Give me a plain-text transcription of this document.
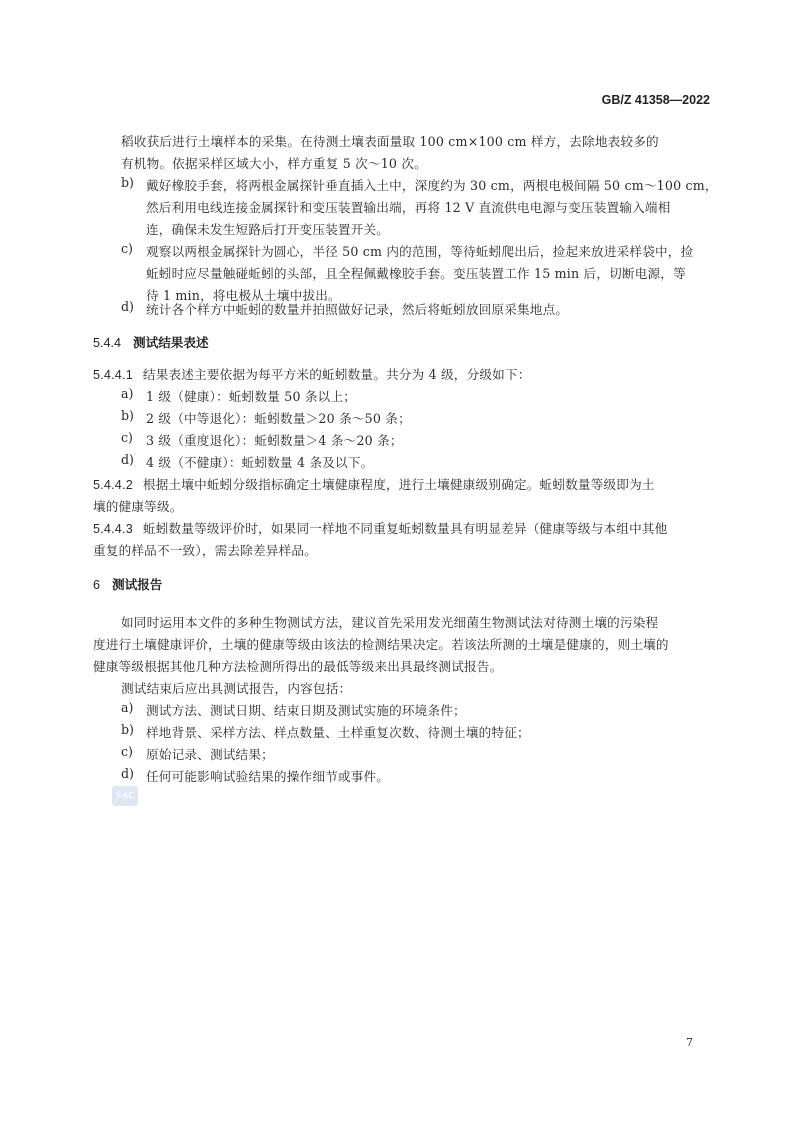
GB/Z 41358—2022
稻收获后进行土壤样本的采集。在待测土壤表面量取 100 cm×100 cm 样方，去除地表较多的
有机物。依据采样区域大小，样方重复 5 次～10 次。
b) 戴好橡胶手套，将两根金属探针垂直插入土中，深度约为 30 cm，两根电极间隔 50 cm～100 cm，
然后利用电线连接金属探针和变压装置输出端，再将 12 V 直流供电电源与变压装置输入端相
连，确保未发生短路后打开变压装置开关。
c) 观察以两根金属探针为圆心，半径 50 cm 内的范围，等待蚯蚓爬出后，捡起来放进采样袋中，捡
蚯蚓时应尽量触碰蚯蚓的头部，且全程佩戴橡胶手套。变压装置工作 15 min 后，切断电源，等
待 1 min，将电极从土壤中拔出。
d) 统计各个样方中蚯蚓的数量并拍照做好记录，然后将蚯蚓放回原采集地点。
5.4.4 测试结果表述
5.4.4.1 结果表述主要依据为每平方米的蚯蚓数量。共分为 4 级，分级如下：
a) 1 级（健康）：蚯蚓数量 50 条以上；
b) 2 级（中等退化）：蚯蚓数量＞20 条～50 条；
c) 3 级（重度退化）：蚯蚓数量＞4 条～20 条；
d) 4 级（不健康）：蚯蚓数量 4 条及以下。
5.4.4.2 根据土壤中蚯蚓分级指标确定土壤健康程度，进行土壤健康级别确定。蚯蚓数量等级即为土
壤的健康等级。
5.4.4.3 蚯蚓数量等级评价时，如果同一样地不同重复蚯蚓数量具有明显差异（健康等级与本组中其他
重复的样品不一致），需去除差异样品。
6 测试报告
如同时运用本文件的多种生物测试方法，建议首先采用发光细菌生物测试法对待测土壤的污染程
度进行土壤健康评价，土壤的健康等级由该法的检测结果决定。若该法所测的土壤是健康的，则土壤的
健康等级根据其他几种方法检测所得出的最低等级来出具最终测试报告。
测试结束后应出具测试报告，内容包括：
a) 测试方法、测试日期、结束日期及测试实施的环境条件；
b) 样地背景、采样方法、样点数量、土样重复次数、待测土壤的特征；
c) 原始记录、测试结果；
d) 任何可能影响试验结果的操作细节或事件。
SAC
7
